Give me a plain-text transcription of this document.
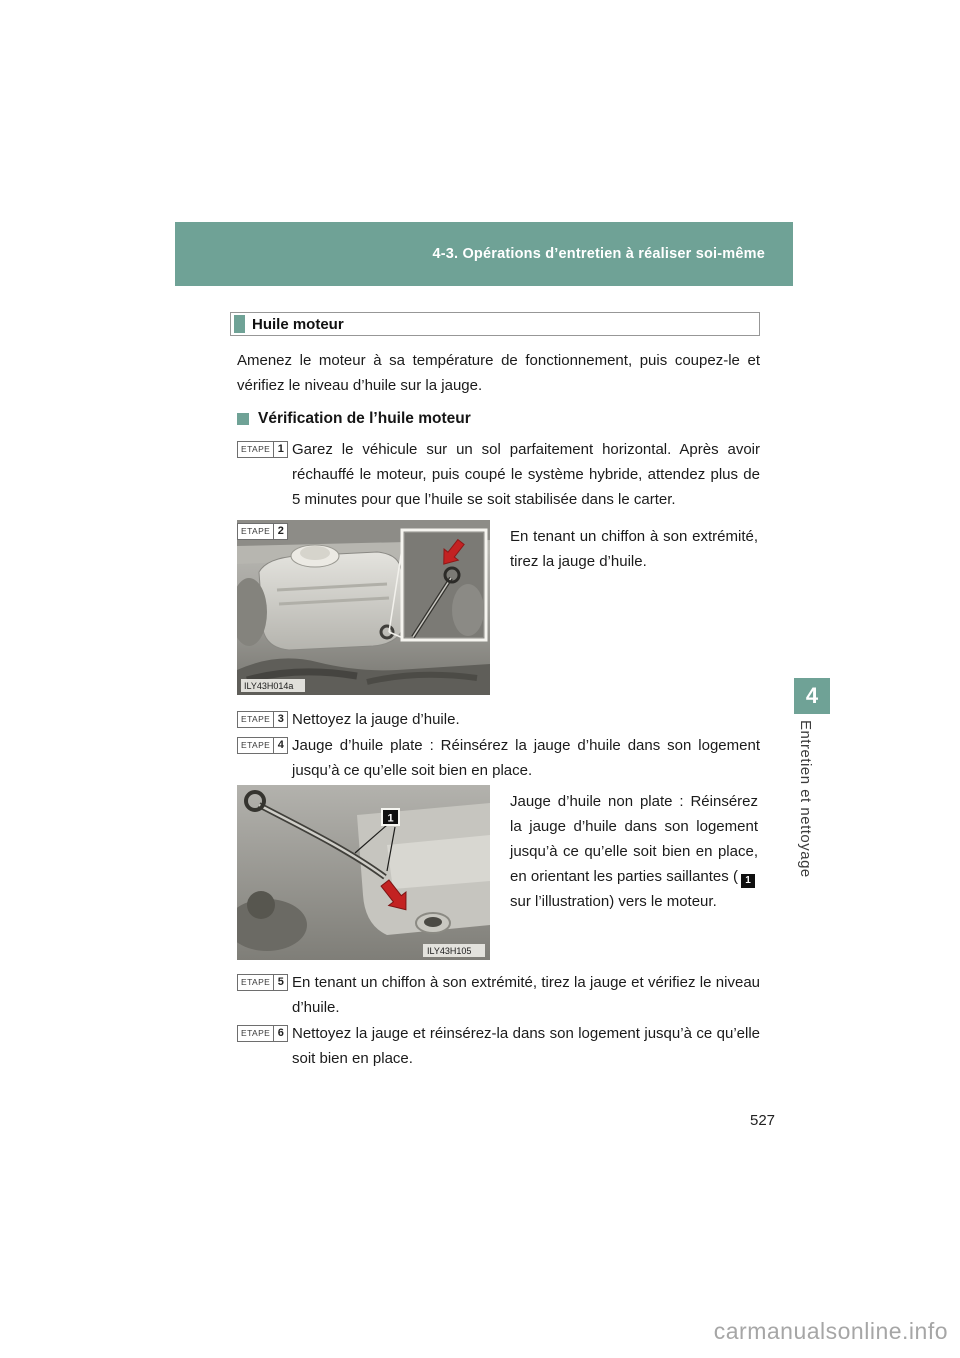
4-3. Opérations d’entretien à réaliser soi-même
Huile moteur

Amenez le moteur à sa température de fonctionnement, puis coupez-le et vérifiez le niveau d’huile sur la jauge.

Vérification de l’huile moteur
ETAPE 1 Garez le véhicule sur un sol parfaitement horizontal. Après avoir réchauffé le moteur, puis coupé le système hybride, attendez plus de 5 minutes pour que l’huile se soit stabilisée dans le carter.
ETAPE 2
ILY43H014a
En tenant un chiffon à son extrémité, tirez la jauge d’huile.
ETAPE 3 Nettoyez la jauge d’huile.
ETAPE 4 Jauge d’huile plate : Réinsérez la jauge d’huile dans son logement jusqu’à ce qu’elle soit bien en place.
1
ILY43H105
Jauge d’huile non plate : Réinsérez la jauge d’huile dans son logement jusqu’à ce qu’elle soit bien en place, en orientant les parties saillantes ( 1 sur l’illustration) vers le moteur.
ETAPE 5 En tenant un chiffon à son extrémité, tirez la jauge et vérifiez le niveau d’huile.
ETAPE 6 Nettoyez la jauge et réinsérez-la dans son logement jusqu’à ce qu’elle soit bien en place.
4
Entretien et nettoyage
527
carmanualsonline.info
